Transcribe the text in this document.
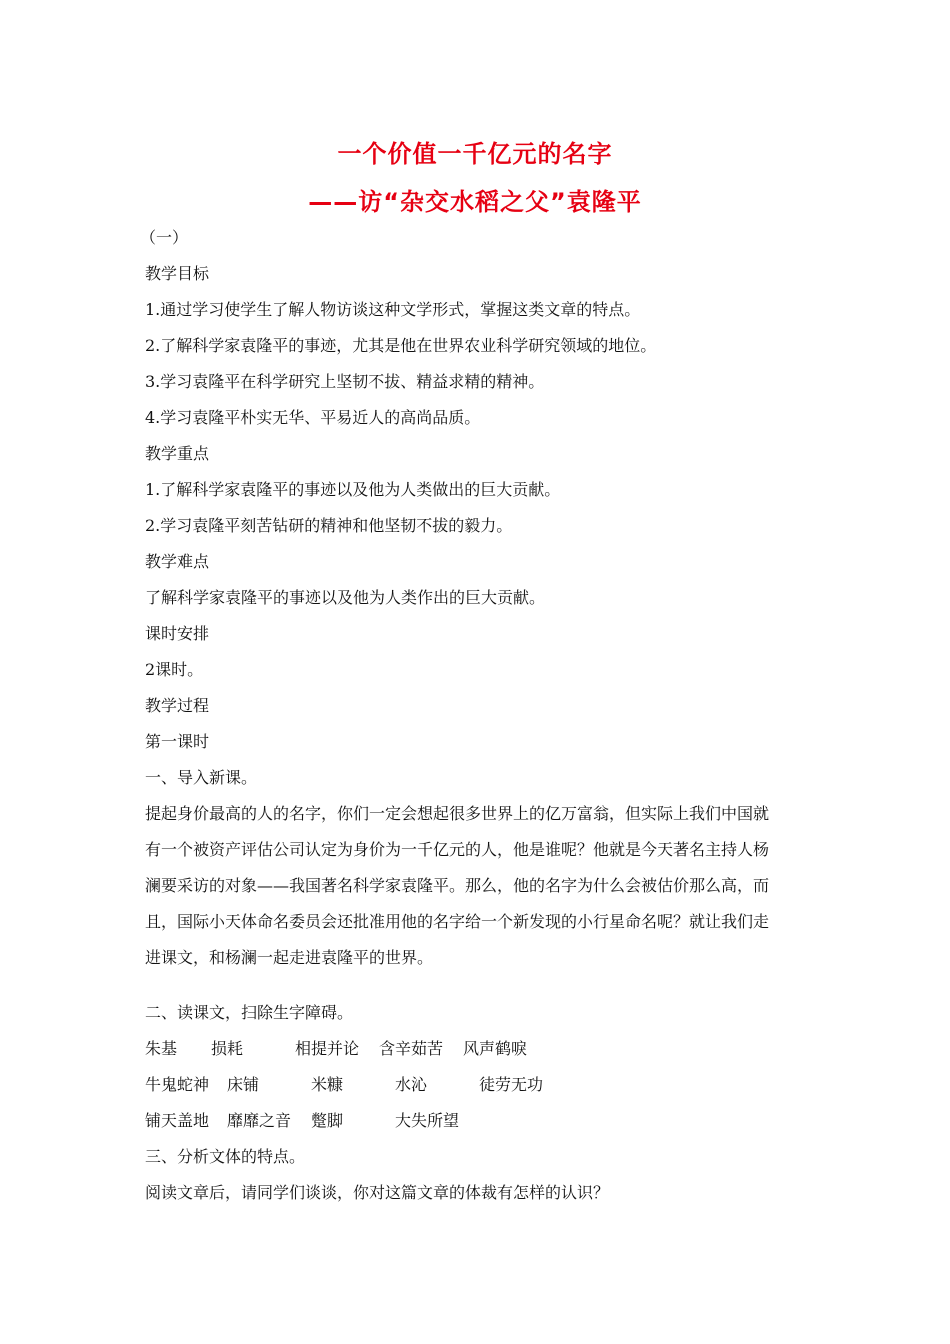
一个价值一千亿元的名字
——访“杂交水稻之父”袁隆平
（一）
教学目标
1.通过学习使学生了解人物访谈这种文学形式，掌握这类文章的特点。
2.了解科学家袁隆平的事迹，尤其是他在世界农业科学研究领域的地位。
3.学习袁隆平在科学研究上坚韧不拔、精益求精的精神。
4.学习袁隆平朴实无华、平易近人的高尚品质。
教学重点
1.了解科学家袁隆平的事迹以及他为人类做出的巨大贡献。
2.学习袁隆平刻苦钻研的精神和他坚韧不拔的毅力。
教学难点
了解科学家袁隆平的事迹以及他为人类作出的巨大贡献。
课时安排
2课时。
教学过程
第一课时
一、导入新课。
提起身价最高的人的名字，你们一定会想起很多世界上的亿万富翁，但实际上我们中国就
有一个被资产评估公司认定为身价为一千亿元的人，他是谁呢？他就是今天著名主持人杨
澜要采访的对象——我国著名科学家袁隆平。那么，他的名字为什么会被估价那么高，而
且，国际小天体命名委员会还批准用他的名字给一个新发现的小行星命名呢？就让我们走
进课文，和杨澜一起走进袁隆平的世界。
二、读课文，扫除生字障碍。
朱基 损耗	相提并论 含辛茹苦 风声鹤唳
牛鬼蛇神 床铺	米糠	水沁	徒劳无功
铺天盖地 靡靡之音 蹩脚	大失所望
三、分析文体的特点。
阅读文章后，请同学们谈谈，你对这篇文章的体裁有怎样的认识？
